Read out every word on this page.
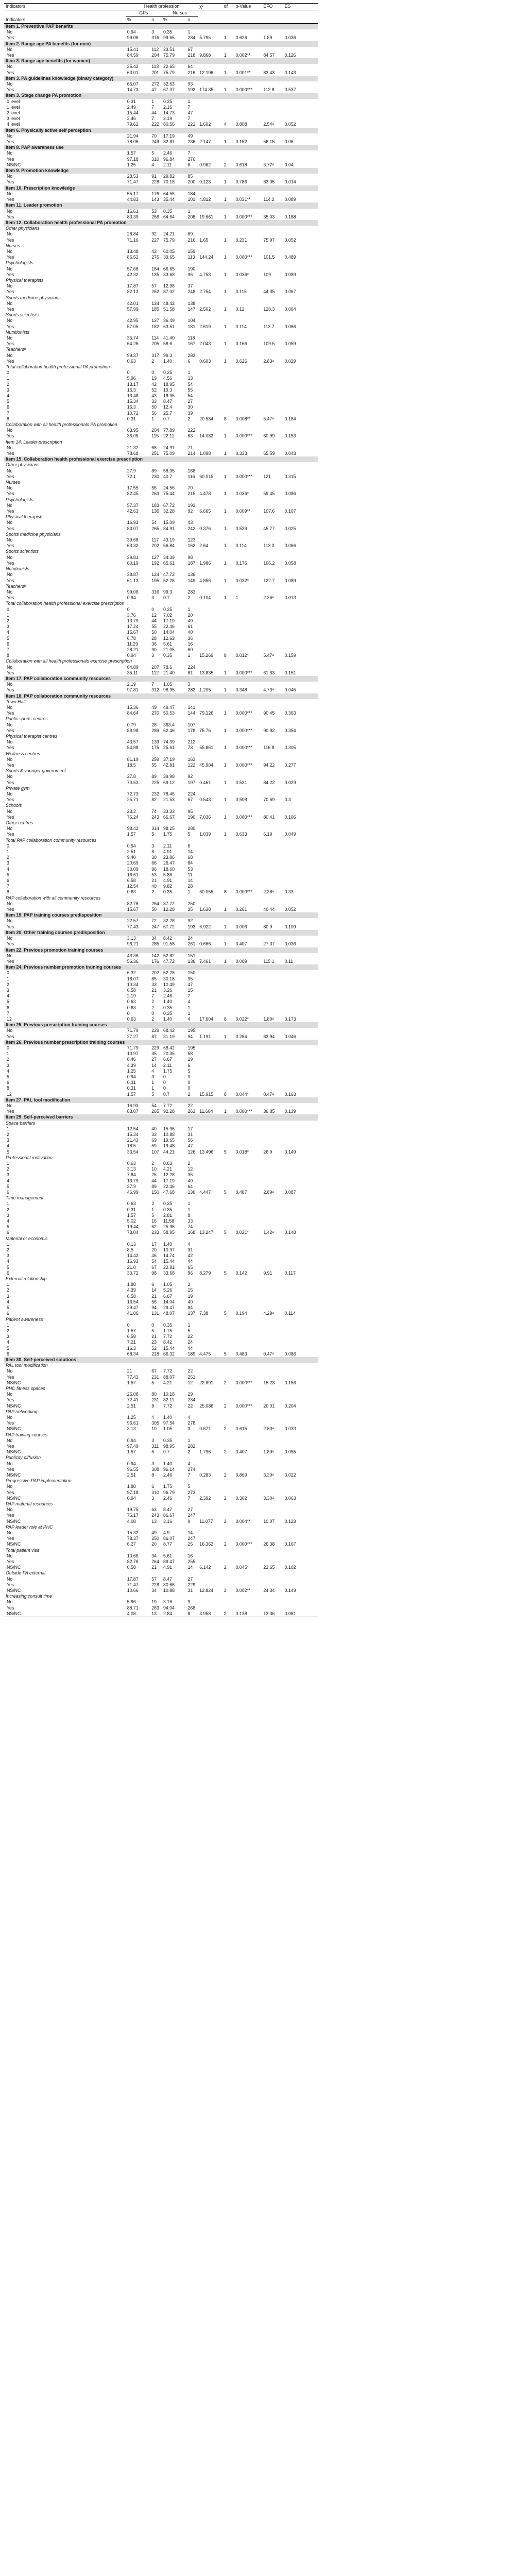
Indicators	Health profession				χ²	df	p-Value	EFO	ES	
	GPs		Nurses							
Indicators	%	n	%	n						
Item 1. Preventive PAP benefits										
No	0.94	3	0.35	1						
Yes	99.06	316	99.65	284	5.795	1	0.626	1.89	0.036	
Item 2. Range age PA benefits (for men)										
No	15.41	112	23.51	67						
Yes	84.59	204	75.79	218	9.868	1	0.002**	84.57	0.126	
Item 3. Range age benefits (for women)										
No	35.42	113	22.65	64						
Yes	63.01	201	75.79	216	12.196	1	0.001**	83.43	0.143	
Item 3. PA guidelines knowledge (binary category)										
No	65.07	272	32.63	93						
Yes	14.73	47	67.37	192	174.35	1	0.000***	112.8	0.537	
Item 3. Stage change PA promotion										
0 level	0.31	1	0.35	1						
1 level	2.49	7	2.16	7						
2 level	15.44	44	14.73	47						
3 level	2.46	7	2.19	7						
4 level	79.62	222	80.56	221	1.602	4	0.808	2.54ᵃ	0.052	
Item 6. Physically active self perception										
No	21.94	70	17.19	49						
Yes	78.06	249	82.81	236	2.147	1	0.152	56.15	0.06	
Item 8. PAP awareness use										
No	1.57	5	2.46	7						
Yes	97.18	310	96.84	276						
NS/NC	1.25	4	2.11	6	0.962	2	0.618	3.77ᵃ	0.04	
Item 9. Promotion knowledge										
No	28.53	91	29.82	85						
Yes	71.47	228	70.18	200	0.123	1	0.786	83.05	0.014	
Item 10. Prescription knowledge										
No	55.17	176	64.56	184						
Yes	44.83	143	35.44	101	4.812	1	0.031**	114.2	0.089	
Item 11. Leader promotion										
No	16.61	53	0.35	1						
Yes	83.39	266	64.64	208	19.661	1	0.000***	35.03	0.188	
Item 12. Collaboration health professional PA promotion										
Other physicians										
No	28.84	92	24.21	69						
Yes	71.16	227	75.79	216	1.65	1	0.231	75.97	0.052	
Nurses										
No	13.48	43	60.05	159						
Yes	86.52	276	39.65	113	144.24	1	0.000***	101.5	0.489	
Psychologists										
No	57.68	184	66.65	190						
Yes	42.32	135	33.68	96	4.753	1	0.036*	109	0.089	
Physical therapists										
No	17.87	57	12.98	37						
Yes	82.13	262	87.02	248	2.754	1	0.115	44.35	0.067	
Sports medicine physicians										
No	42.01	134	48.42	138						
Yes	57.99	185	51.58	147	2.502	1	0.12	128.3	0.064	
Sports scientists										
No	42.95	137	36.49	104						
Yes	57.05	182	63.51	181	2.619	1	0.114	113.7	0.066	
Nutritionists										
No	35.74	114	41.40	118						
Yes	64.26	205	58.6	167	2.043	1	0.166	109.5	0.059	
Teachersᵇ										
No	99.37	317	99.3	283						
Yes	0.63	2	1.40	6	0.603	1	0.626	2.83ᵃ	0.029	
Total collaboration health professional PA promotion										
0	0	0	0.35	1						
1	5.96	19	4.56	13						
2	13.17	42	18.95	54						
3	16.3	52	19.3	55						
4	13.48	43	18.95	54						
5	15.34	33	8.47	27						
6	16.3	50	12.4	30						
7	10.72	56	25.7	39						
8	0.31	1	0.7	2	20.534	8	0.008**	5.47ᵃ	0.184	
Collaboration with all health professionals PA promotion										
No	63.95	204	77.89	222						
Yes	36.05	115	22.11	63	14.082	1	0.000***	60.99	0.153	
Item 14. Leader prescription										
No	21.32	68	24.91	71						
Yes	78.68	251	75.09	214	1.098	1	0.333	65.59	0.043	
Item 15. Collaboration health professional exercise prescription										
Other physicians										
No	27.9	89	58.95	168						
Yes	72.1	230	40.7	116	60.015	1	0.000***	121	0.315	
Nurses										
No	17.55	56	24.56	70						
Yes	82.45	263	75.44	215	4.478	1	0.036*	59.45	0.086	
Psychologists										
No	57.37	183	67.72	193						
Yes	42.63	136	32.28	92	6.665	1	0.009**	107.6	0.107	
Physical therapists										
No	16.93	54	15.09	43						
Yes	83.07	265	84.91	242	0.376	1	0.539	45.77	0.025	
Sports medicine physicians										
No	39.68	117	43.19	123						
Yes	63.32	202	56.84	162	2.64	1	0.114	113.3	0.066	
Sports scientists										
No	39.81	127	34.39	98						
Yes	60.19	192	65.61	187	1.986	1	0.176	106.2	0.058	
Nutritionists										
No	38.87	124	47.72	136						
Yes	61.13	195	52.28	149	4.856	1	0.032*	122.7	0.089	
Teachersᵇ										
No	99.06	316	99.3	283						
Yes	0.94	3	0.7	2	0.104	1	1	2.36ᵃ	0.013	
Total collaboration health professional exercise prescription										
0	0	0	0.35	1						
1	3.76	12	7.02	20						
2	13.79	44	17.19	49						
3	17.24	55	22.46	61						
4	15.67	50	14.04	40						
5	6.78	28	12.63	36						
6	11.29	36	5.61	16						
7	28.21	90	21.05	60						
8	0.94	3	0.35	1	15.269	8	0.012*	5.47ᵃ	0.159	
Collaboration with all health professionals exercise prescription										
No	64.89	207	78.6	224						
Yes	35.11	112	21.40	61	13.835	1	0.000***	61.63	0.151	
Item 17. PAP collaboration community resources										
No	2.19	7	1.05	3						
Yes	97.81	312	98.95	282	1.205	1	0.348	4.73ᵃ	0.045	
Item 18. PAP collaboration community resources										
Town Hall										
No	15.36	49	49.47	141						
Yes	84.64	270	50.53	144	79.126	1	0.000***	90.45	0.363	
Public sports centres										
No	0.79	28	363.4	107						
Yes	89.98	289	62.46	178	75.76	1	0.000***	90.92	0.354	
Physical therapist centres										
No	43.57	139	74.39	212						
Yes	54.88	175	25.61	73	55.861	1	0.000***	116.8	0.305	
Wellness centres										
No	81.19	259	37.19	163						
Yes	18.5	55	42.81	122	45.904	1	0.000***	94.22	0.277	
Sports & younger government										
No	27.8	89	39.98	92						
Yes	70.53	225	69.12	197	0.461	1	0.531	84.22	0.029	
Private gym										
No	72.73	232	78.46	224						
Yes	25.71	82	21.53	67	0.543	1	0.508	70.69	0.3	
Schools										
No	23.2	74	33.33	95						
Yes	76.24	243	66.67	190	7.036	1	0.000***	80.41	0.106	
Other centres										
No	98.43	314	98.25	280						
Yes	1.57	5	1.75	5	1.039	1	0.633	6.19	0.049	
Total PAP collaboration community resources										
0	0.94	3	2.11	6						
1	2.51	8	4.91	14						
2	9.40	30	23.86	68						
3	20.69	66	26.47	84						
4	30.09	96	18.60	53						
5	16.61	53	5.86	11						
6	6.58	21	4.91	14						
7	12.54	40	9.82	28						
8	0.63	2	0.35	1	60.055	8	0.000***	2.38ᵃ	0.33	
PAP collaboration with all community resources										
No	82.76	264	87.72	250						
Yes	15.67	50	12.28	35	1.638	1	0.261	40.44	0.052	
Item 19. PAP training courses predisposition										
No	22.57	72	32.28	92						
Yes	77.43	247	67.72	193	6.922	1	0.006	80.9	0.109	
Item 20. Other training courses predisposition										
No	3.13	34	8.42	24						
Yes	96.21	285	91.58	261	0.666	1	0.407	27.37	0.036	
Item 22. Previous promotion training courses										
No	43.36	142	52.82	151						
Yes	56.36	176	47.72	136	7.461	1	0.009	115.1	0.11	
Item 24. Previous number promotion training courses										
0	6.32	202	52.28	150						
1	18.07	85	30.18	95						
2	10.34	33	10.49	47						
3	6.58	21	3.26	15						
4	2.19	7	2.46	7						
5	0.63	2	1.40	4						
6	0.63	2	0.35	1						
7	0	0	0.35	1						
12	0.63	2	1.40	4	17.604	8	0.022*	1.80ᵃ	0.173	
Item 25. Previous prescription training courses										
No	71.79	229	68.42	195						
Yes	27.27	87	31.19	94	1.191	1	0.284	83.94	0.046	
Item 26. Previous number prescription training courses										
0	71.79	229	68.42	195						
1	10.97	35	20.35	58						
2	8.46	27	6.67	19						
3	4.39	14	2.11	6						
4	1.25	4	1.75	5						
5	0.94	3	0	0						
6	0.31	1	0	0						
8	0.31	1	0	0						
12	1.57	5	0.7	2	15.915	8	0.044*	0.47ᵃ	0.163	
Item 27. PAL tool modification										
No	16.93	54	7.72	22						
Yes	83.07	265	92.28	263	11.604	1	0.000***	36.85	0.139	
Item 29. Self-perceived barriers										
Space barriers										
1	12.54	40	15.96	17						
2	15.34	33	10.88	31						
3	21.43	69	19.65	56						
4	18.5	59	19.48	47						
5	33.54	107	44.21	126	13.496	5	0.018*	26.9	0.149	
Professional motivation										
1	0.63	2	0.63	2						
2	3.13	10	4.21	12						
3	7.84	25	12.28	35						
4	13.79	44	17.19	49						
5	27.9	89	22.46	64						
6	46.99	150	47.68	136	4.447	5	0.487	2.89ᵃ	0.087	
Time management										
1	0.63	2	0.35	1						
2	0.31	1	0.35	1						
3	1.57	5	2.81	8						
4	5.02	16	11.58	33						
5	19.44	62	25.96	74						
6	73.04	233	58.95	168	13.247	5	0.021*	1.42ᵃ	0.148	
Material or economic										
1	0.13	17	1.40	4						
2	8.5	20	10.97	31						
3	14.42	46	14.74	42						
4	16.93	54	15.44	44						
5	21.0	67	22.81	65						
6	30.72	98	33.68	96	8.279	5	0.142	9.91	0.117	
External relationship										
1	1.88	6	1.05	3						
2	4.39	14	5.26	15						
3	6.58	21	6.67	19						
4	16.54	56	14.04	40						
5	29.47	94	29.47	84						
6	41.06	131	48.07	137	7.38	5	0.194	4.29ᵃ	0.114	
Patient awareness										
1	0	0	0.35	1						
2	1.57	5	1.75	5						
3	6.58	21	7.72	22						
4	7.21	23	8.42	24						
5	16.3	52	15.44	44						
6	68.34	218	66.32	189	4.475	5	0.483	0.47ᵃ	0.086	
Item 30. Self-perceived solutions										
PAL tool modification										
No	21	67	7.72	22						
Yes	77.43	231	88.07	251						
NS/NC	1.57	5	4.21	12	22.891	2	0.000***	15.23	0.156	
PHC fitness spaces										
No	25.08	80	10.18	29						
Yes	72.41	231	82.11	234						
NS/NC	2.51	8	7.72	22	25.086	2	0.000***	20.01	0.204	
PAP networking										
No	1.25	4	1.40	4						
Yes	95.61	305	97.54	278						
NS/NC	3.13	10	1.05	3	0.671	2	0.615	2.83ᵃ	0.033	
PAP training courses										
No	0.94	3	0.35	1						
Yes	97.49	311	98.95	282						
NS/NC	1.57	5	0.7	2	1.796	2	0.407	1.89ᵃ	0.055	
Publicity diffusion										
No	0.94	3	1.40	4						
Yes	96.55	308	96.14	274						
NS/NC	2.51	8	2.46	7	0.283	2	0.869	3.30ᵃ	0.022	
Progressive PAP implementation										
No	1.88	6	1.75	5						
Yes	97.18	310	96.79	273						
NS/NC	0.94	3	2.46	7	2.392	2	0.302	3.30ᵃ	0.063	
PAP material resources										
No	19.75	63	8.47	27						
Yes	76.17	243	86.67	247						
NS/NC	4.08	13	3.16	9	11.077	2	0.004**	10.07	0.123	
PAP leader role at PHC										
No	15.32	49	4.9	14						
Yes	78.37	250	86.07	247						
NS/NC	6.27	20	8.77	25	16.362	2	0.000***	26.38	0.167	
Total patient visit										
No	10.66	34	5.61	16						
Yes	82.76	264	89.47	255						
NS/NC	6.58	21	4.91	14	6.142	2	0.045*	23.65	0.102	
Outside PA external										
No	17.87	57	8.47	27						
Yes	71.47	228	80.66	229						
NS/NC	10.66	34	10.88	31	12.824	2	0.002**	24.34	0.149	
Increasing consult time										
No	5.96	19	3.16	9						
Yes	88.71	283	94.04	268						
NS/NC	4.08	13	2.84	8	3.958	2	0.138	13.36	0.081	
